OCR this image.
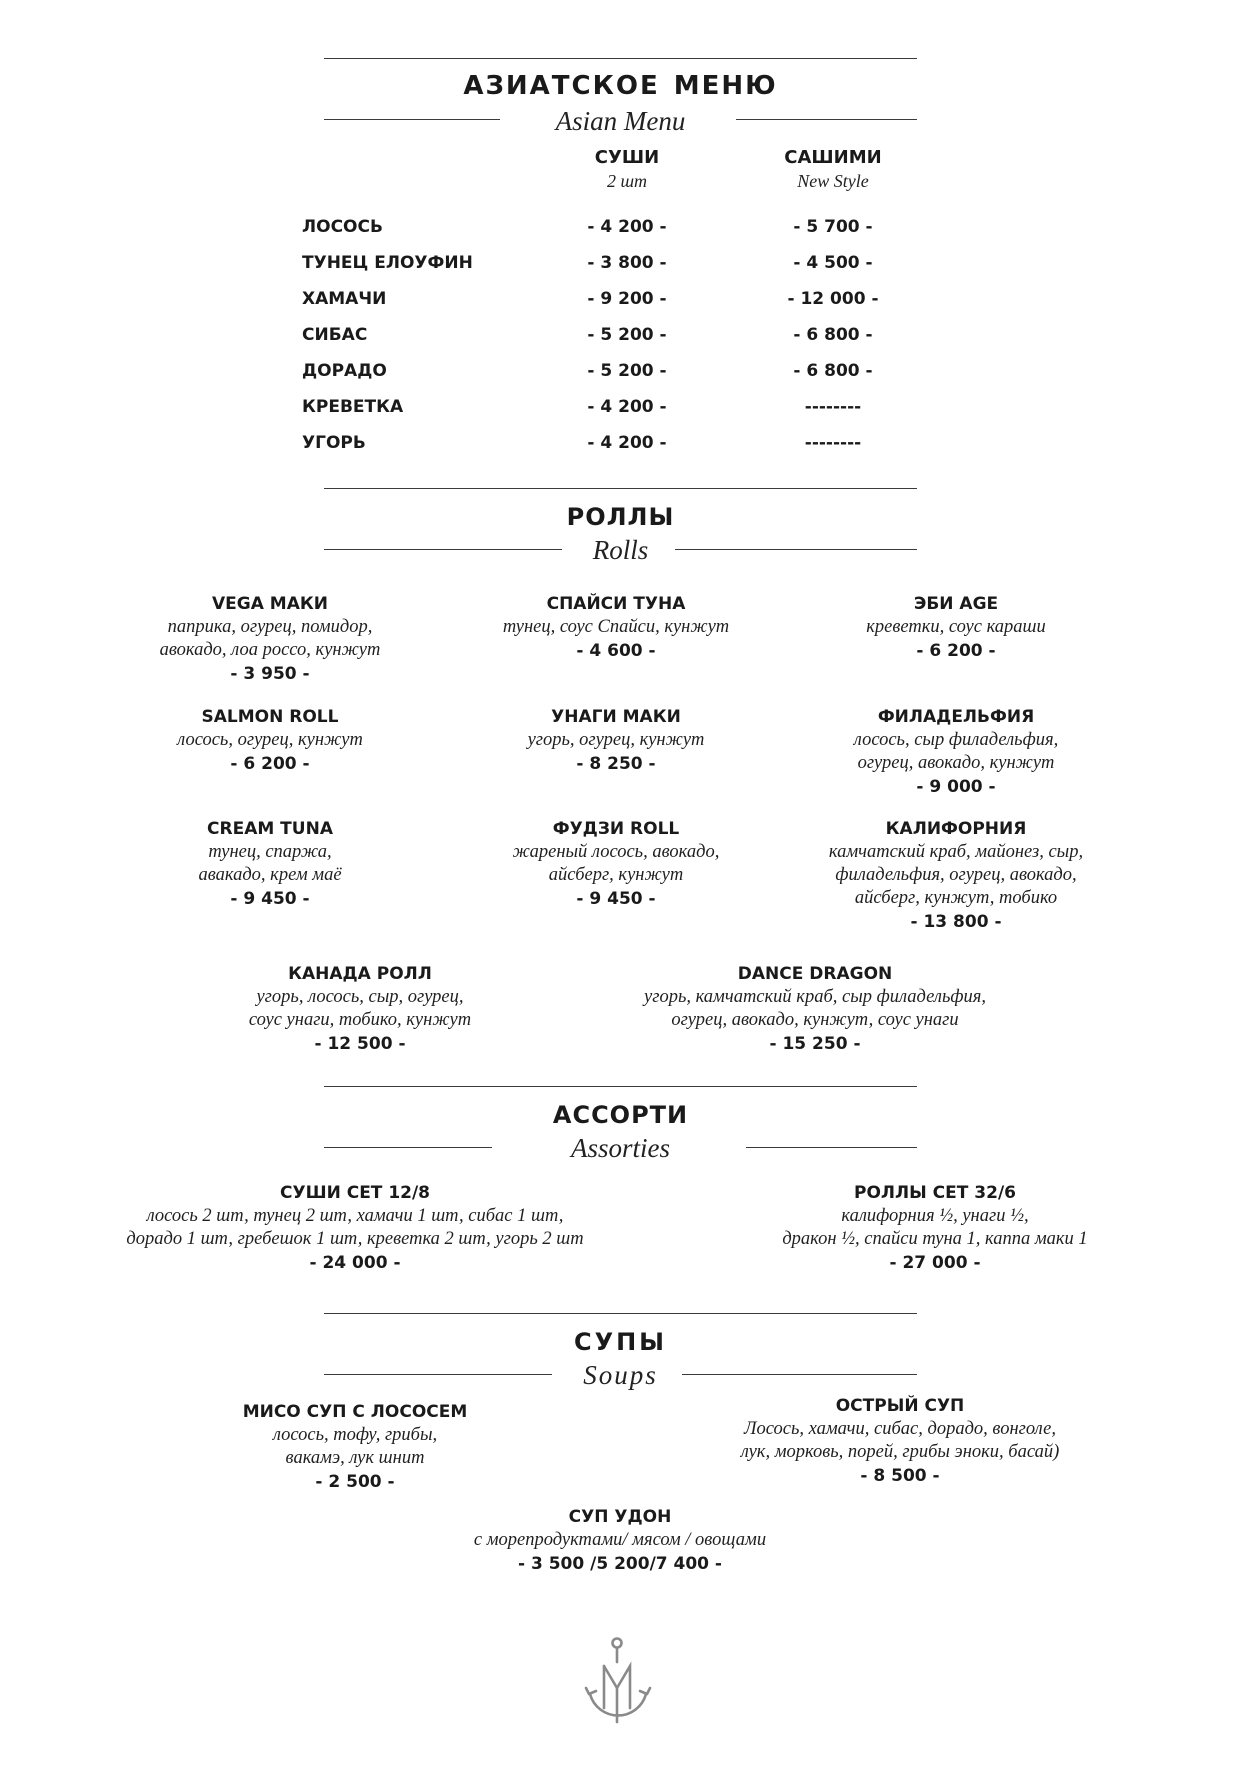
АЗИАТСКОЕ МЕНЮ
Asian Menu
СУШИ
2 шт
САШИМИ
New Style
ЛОСОСЬ	- 4 200 -	- 5 700 -
ТУНЕЦ ЕЛОУФИН	- 3 800 -	- 4 500 -
ХАМАЧИ	- 9 200 -	- 12 000 -
СИБАС	- 5 200 -	- 6 800 -
ДОРАДО	- 5 200 -	- 6 800 -
КРЕВЕТКА	- 4 200 -	--------
УГОРЬ	- 4 200 -	--------
РОЛЛЫ
Rolls
VEGA МАКИ
паприка, огурец, помидор,
авокадо, лоа россо, кунжут
- 3 950 -
СПАЙСИ ТУНА
тунец, соус Спайси, кунжут
- 4 600 -
ЭБИ AGE
креветки, соус караши
- 6 200 -
SALMON ROLL
лосось, огурец, кунжут
- 6 200 -
УНАГИ МАКИ
угорь, огурец, кунжут
- 8 250 -
ФИЛАДЕЛЬФИЯ
лосось, сыр филадельфия,
огурец, авокадо, кунжут
- 9 000 -
CREAM TUNA
тунец, спаржа,
авакадо, крем маё
- 9 450 -
ФУДЗИ ROLL
жареный лосось, авокадо,
айсберг, кунжут
- 9 450 -
КАЛИФОРНИЯ
камчатский краб, майонез, сыр,
филадельфия, огурец, авокадо,
айсберг, кунжут, тобико
- 13 800 -
КАНАДА РОЛЛ
угорь, лосось, сыр, огурец,
соус унаги, тобико, кунжут
- 12 500 -
DANCE DRAGON
угорь, камчатский краб, сыр филадельфия,
огурец, авокадо, кунжут, соус унаги
- 15 250 -
АССОРТИ
Assorties
СУШИ СЕТ 12/8
лосось 2 шт, тунец 2 шт, хамачи 1 шт, сибас 1 шт,
дорадо 1 шт, гребешок 1 шт, креветка 2 шт, угорь 2 шт
- 24 000 -
РОЛЛЫ СЕТ 32/6
калифорния ½, унаги ½,
дракон ½, спайси туна 1, каппа маки 1
- 27 000 -
СУПЫ
Soups
МИСО СУП С ЛОСОСЕМ
лосось, тофу, грибы,
вакамэ, лук шнит
- 2 500 -
ОСТРЫЙ СУП
Лосось, хамачи, сибас, дорадо, вонголе,
лук, морковь, порей, грибы эноки, басай)
- 8 500 -
СУП УДОН
с морепродуктами/ мясом / овощами
- 3 500 /5 200/7 400 -
